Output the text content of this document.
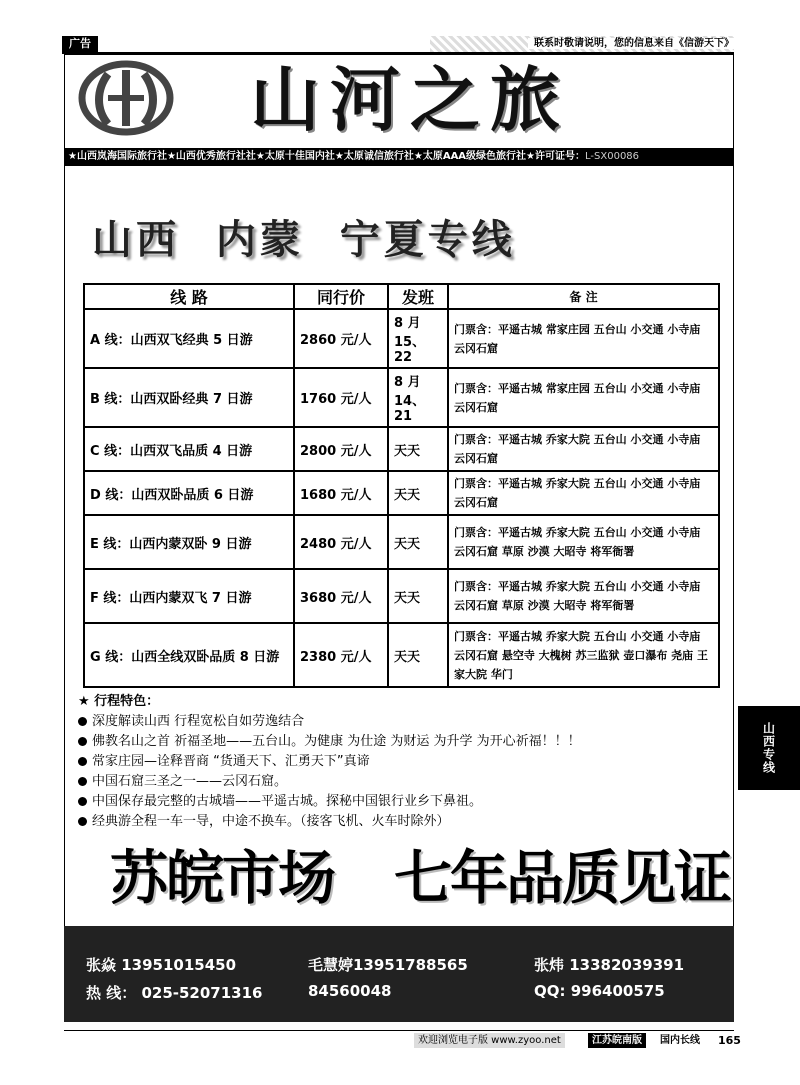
广告	联系时敬请说明，您的信息来自《信游天下》
山河之旅
★山西岚海国际旅行社★山西优秀旅行社社★太原十佳国内社★太原诚信旅行社★太原AAA级绿色旅行社★许可证号：L-SX00086
山西  内蒙  宁夏专线
线 路	同行价	发班	备 注
A 线：山西双飞经典 5 日游	2860 元/人	8 月 15、22	门票含：平遥古城 常家庄园 五台山 小交通 小寺庙 云冈石窟
B 线：山西双卧经典 7 日游	1760 元/人	8 月 14、21	门票含：平遥古城 常家庄园 五台山 小交通 小寺庙 云冈石窟
C 线：山西双飞品质 4 日游	2800 元/人	天天	门票含：平遥古城 乔家大院 五台山 小交通 小寺庙 云冈石窟
D 线：山西双卧品质 6 日游	1680 元/人	天天	门票含：平遥古城 乔家大院 五台山 小交通 小寺庙 云冈石窟
E 线：山西内蒙双卧 9 日游	2480 元/人	天天	门票含：平遥古城 乔家大院 五台山 小交通 小寺庙 云冈石窟 草原 沙漠 大昭寺 将军衙署
F 线：山西内蒙双飞 7 日游	3680 元/人	天天	门票含：平遥古城 乔家大院 五台山 小交通 小寺庙 云冈石窟 草原 沙漠 大昭寺 将军衙署
G 线：山西全线双卧品质 8 日游	2380 元/人	天天	门票含：平遥古城 乔家大院 五台山 小交通 小寺庙 云冈石窟 悬空寺 大槐树 苏三监狱 壶口瀑布 尧庙 王家大院 华门
★ 行程特色：
深度解读山西 行程宽松自如劳逸结合
佛教名山之首 祈福圣地——五台山。为健康 为仕途 为财运 为升学 为开心祈福！！！
常家庄园—诠释晋商 “货通天下、汇勇天下”真谛
中国石窟三圣之一——云冈石窟。
中国保存最完整的古城墙——平遥古城。探秘中国银行业乡下鼻祖。
经典游全程一车一导，中途不换车。（接客飞机、火车时除外）
山西专线
苏皖市场 七年品质见证
张焱 13951015450	毛慧婷13951788565	张炜 13382039391
热 线： 025-52071316	84560048	QQ: 996400575
欢迎浏览电子版 www.zyoo.net	江苏皖南版	国内长线 165
